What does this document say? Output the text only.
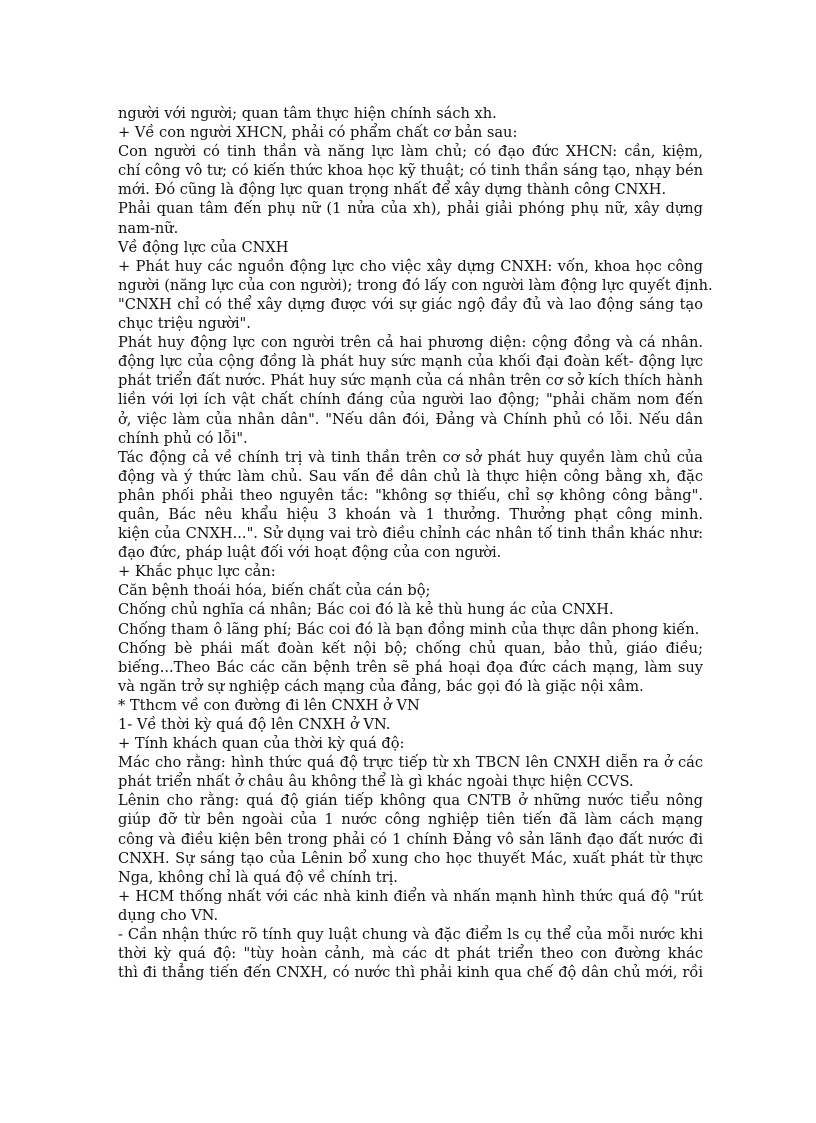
người với người; quan tâm thực hiện chính sách xh.
+ Về con người XHCN, phải có phẩm chất cơ bản sau:
Con người có tinh thần và năng lực làm chủ; có đạo đức XHCN: cần, kiệm,
chí công vô tư; có kiến thức khoa học kỹ thuật; có tinh thần sáng tạo, nhạy bén
mới. Đó cũng là động lực quan trọng nhất để xây dựng thành công CNXH.
Phải quan tâm đến phụ nữ (1 nửa của xh), phải giải phóng phụ nữ, xây dựng
nam-nữ.
Về động lực của CNXH
+ Phát huy các nguồn động lực cho việc xây dựng CNXH: vốn, khoa học công
người (năng lực của con người); trong đó lấy con người làm động lực quyết định.
"CNXH chỉ có thể xây dựng được với sự giác ngộ đầy đủ và lao động sáng tạo
chục triệu người".
Phát huy động lực con người trên cả hai phương diện: cộng đồng và cá nhân.
động lực của cộng đồng là phát huy sức mạnh của khối đại đoàn kết- động lực
phát triển đất nước. Phát huy sức mạnh của cá nhân trên cơ sở kích thích hành
liền với lợi ích vật chất chính đáng của người lao động; "phải chăm nom đến
ở, việc làm của nhân dân". "Nếu dân đói, Đảng và Chính phủ có lỗi. Nếu dân
chính phủ có lỗi".
Tác động cả về chính trị và tinh thần trên cơ sở phát huy quyền làm chủ của
động và ý thức làm chủ. Sau vấn đề dân chủ là thực hiện công bằng xh, đặc
phân phối phải theo nguyên tắc: "không sợ thiếu, chỉ sợ không công bằng".
quân, Bác nêu khẩu hiệu 3 khoán và 1 thưởng. Thưởng phạt công minh.
kiện của CNXH...". Sử dụng vai trò điều chỉnh các nhân tố tinh thần khác như:
đạo đức, pháp luật đối với hoạt động của con người.
+ Khắc phục lực cản:
Căn bệnh thoái hóa, biến chất của cán bộ;
Chống chủ nghĩa cá nhân; Bác coi đó là kẻ thù hung ác của CNXH.
Chống tham ô lãng phí; Bác coi đó là bạn đồng minh của thực dân phong kiến.
Chống bè phái mất đoàn kết nội bộ; chống chủ quan, bảo thủ, giáo điều;
biếng...Theo Bác các căn bệnh trên sẽ phá hoại đọa đức cách mạng, làm suy
và ngăn trở sự nghiệp cách mạng của đảng, bác gọi đó là giặc nội xâm.
* Tthcm về con đường đi lên CNXH ở VN
1- Về thời kỳ quá độ lên CNXH ở VN.
+ Tính khách quan của thời kỳ quá độ:
Mác cho rằng: hình thức quá độ trực tiếp từ xh TBCN lên CNXH diễn ra ở các
phát triển nhất ở châu âu không thể là gì khác ngoài thực hiện CCVS.
Lênin cho rằng: quá độ gián tiếp không qua CNTB ở những nước tiểu nông
giúp đỡ từ bên ngoài của 1 nước công nghiệp tiên tiến đã làm cách mạng
công và điều kiện bên trong phải có 1 chính Đảng vô sản lãnh đạo đất nước đi
CNXH. Sự sáng tạo của Lênin bổ xung cho học thuyết Mác, xuất phát từ thực
Nga, không chỉ là quá độ về chính trị.
+ HCM thống nhất với các nhà kinh điển và nhấn mạnh hình thức quá độ "rút
dụng cho VN.
- Cần nhận thức rõ tính quy luật chung và đặc điểm ls cụ thể của mỗi nước khi
thời kỳ quá độ: "tùy hoàn cảnh, mà các dt phát triển theo con đường khác
thì đi thẳng tiến đến CNXH, có nước thì phải kinh qua chế độ dân chủ mới, rồi
